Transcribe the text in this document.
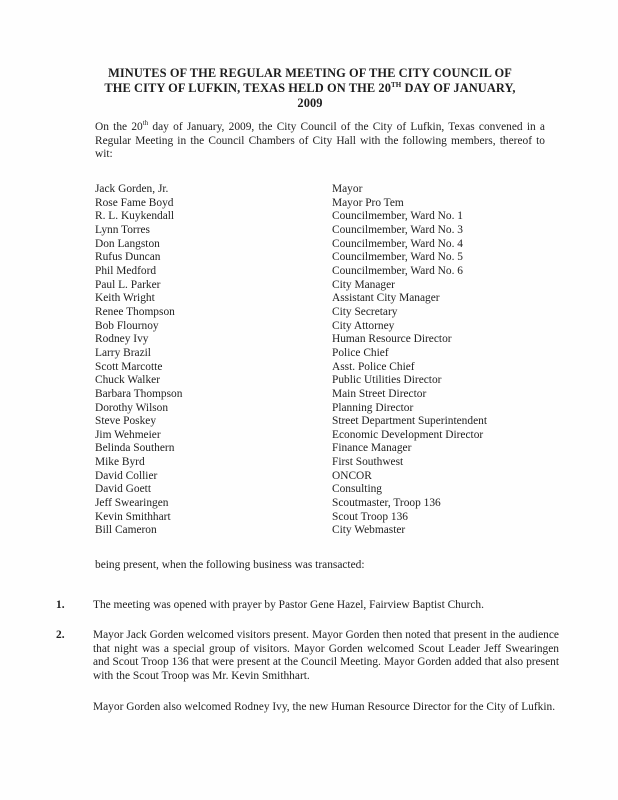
MINUTES OF THE REGULAR MEETING OF THE CITY COUNCIL OF THE CITY OF LUFKIN, TEXAS HELD ON THE 20TH DAY OF JANUARY, 2009

On the 20th day of January, 2009, the City Council of the City of Lufkin, Texas convened in a Regular Meeting in the Council Chambers of City Hall with the following members, thereof to wit:

Jack Gorden, Jr.	Mayor
Rose Fame Boyd	Mayor Pro Tem
R. L. Kuykendall	Councilmember, Ward No. 1
Lynn Torres	Councilmember, Ward No. 3
Don Langston	Councilmember, Ward No. 4
Rufus Duncan	Councilmember, Ward No. 5
Phil Medford	Councilmember, Ward No. 6
Paul L. Parker	City Manager
Keith Wright	Assistant City Manager
Renee Thompson	City Secretary
Bob Flournoy	City Attorney
Rodney Ivy	Human Resource Director
Larry Brazil	Police Chief
Scott Marcotte	Asst. Police Chief
Chuck Walker	Public Utilities Director
Barbara Thompson	Main Street Director
Dorothy Wilson	Planning Director
Steve Poskey	Street Department Superintendent
Jim Wehmeier	Economic Development Director
Belinda Southern	Finance Manager
Mike Byrd	First Southwest
David Collier	ONCOR
David Goett	Consulting
Jeff Swearingen	Scoutmaster, Troop 136
Kevin Smithhart	Scout Troop 136
Bill Cameron	City Webmaster

being present, when the following business was transacted:

1.	The meeting was opened with prayer by Pastor Gene Hazel, Fairview Baptist Church.

2.	Mayor Jack Gorden welcomed visitors present. Mayor Gorden then noted that present in the audience that night was a special group of visitors. Mayor Gorden welcomed Scout Leader Jeff Swearingen and Scout Troop 136 that were present at the Council Meeting. Mayor Gorden added that also present with the Scout Troop was Mr. Kevin Smithhart.

Mayor Gorden also welcomed Rodney Ivy, the new Human Resource Director for the City of Lufkin.
